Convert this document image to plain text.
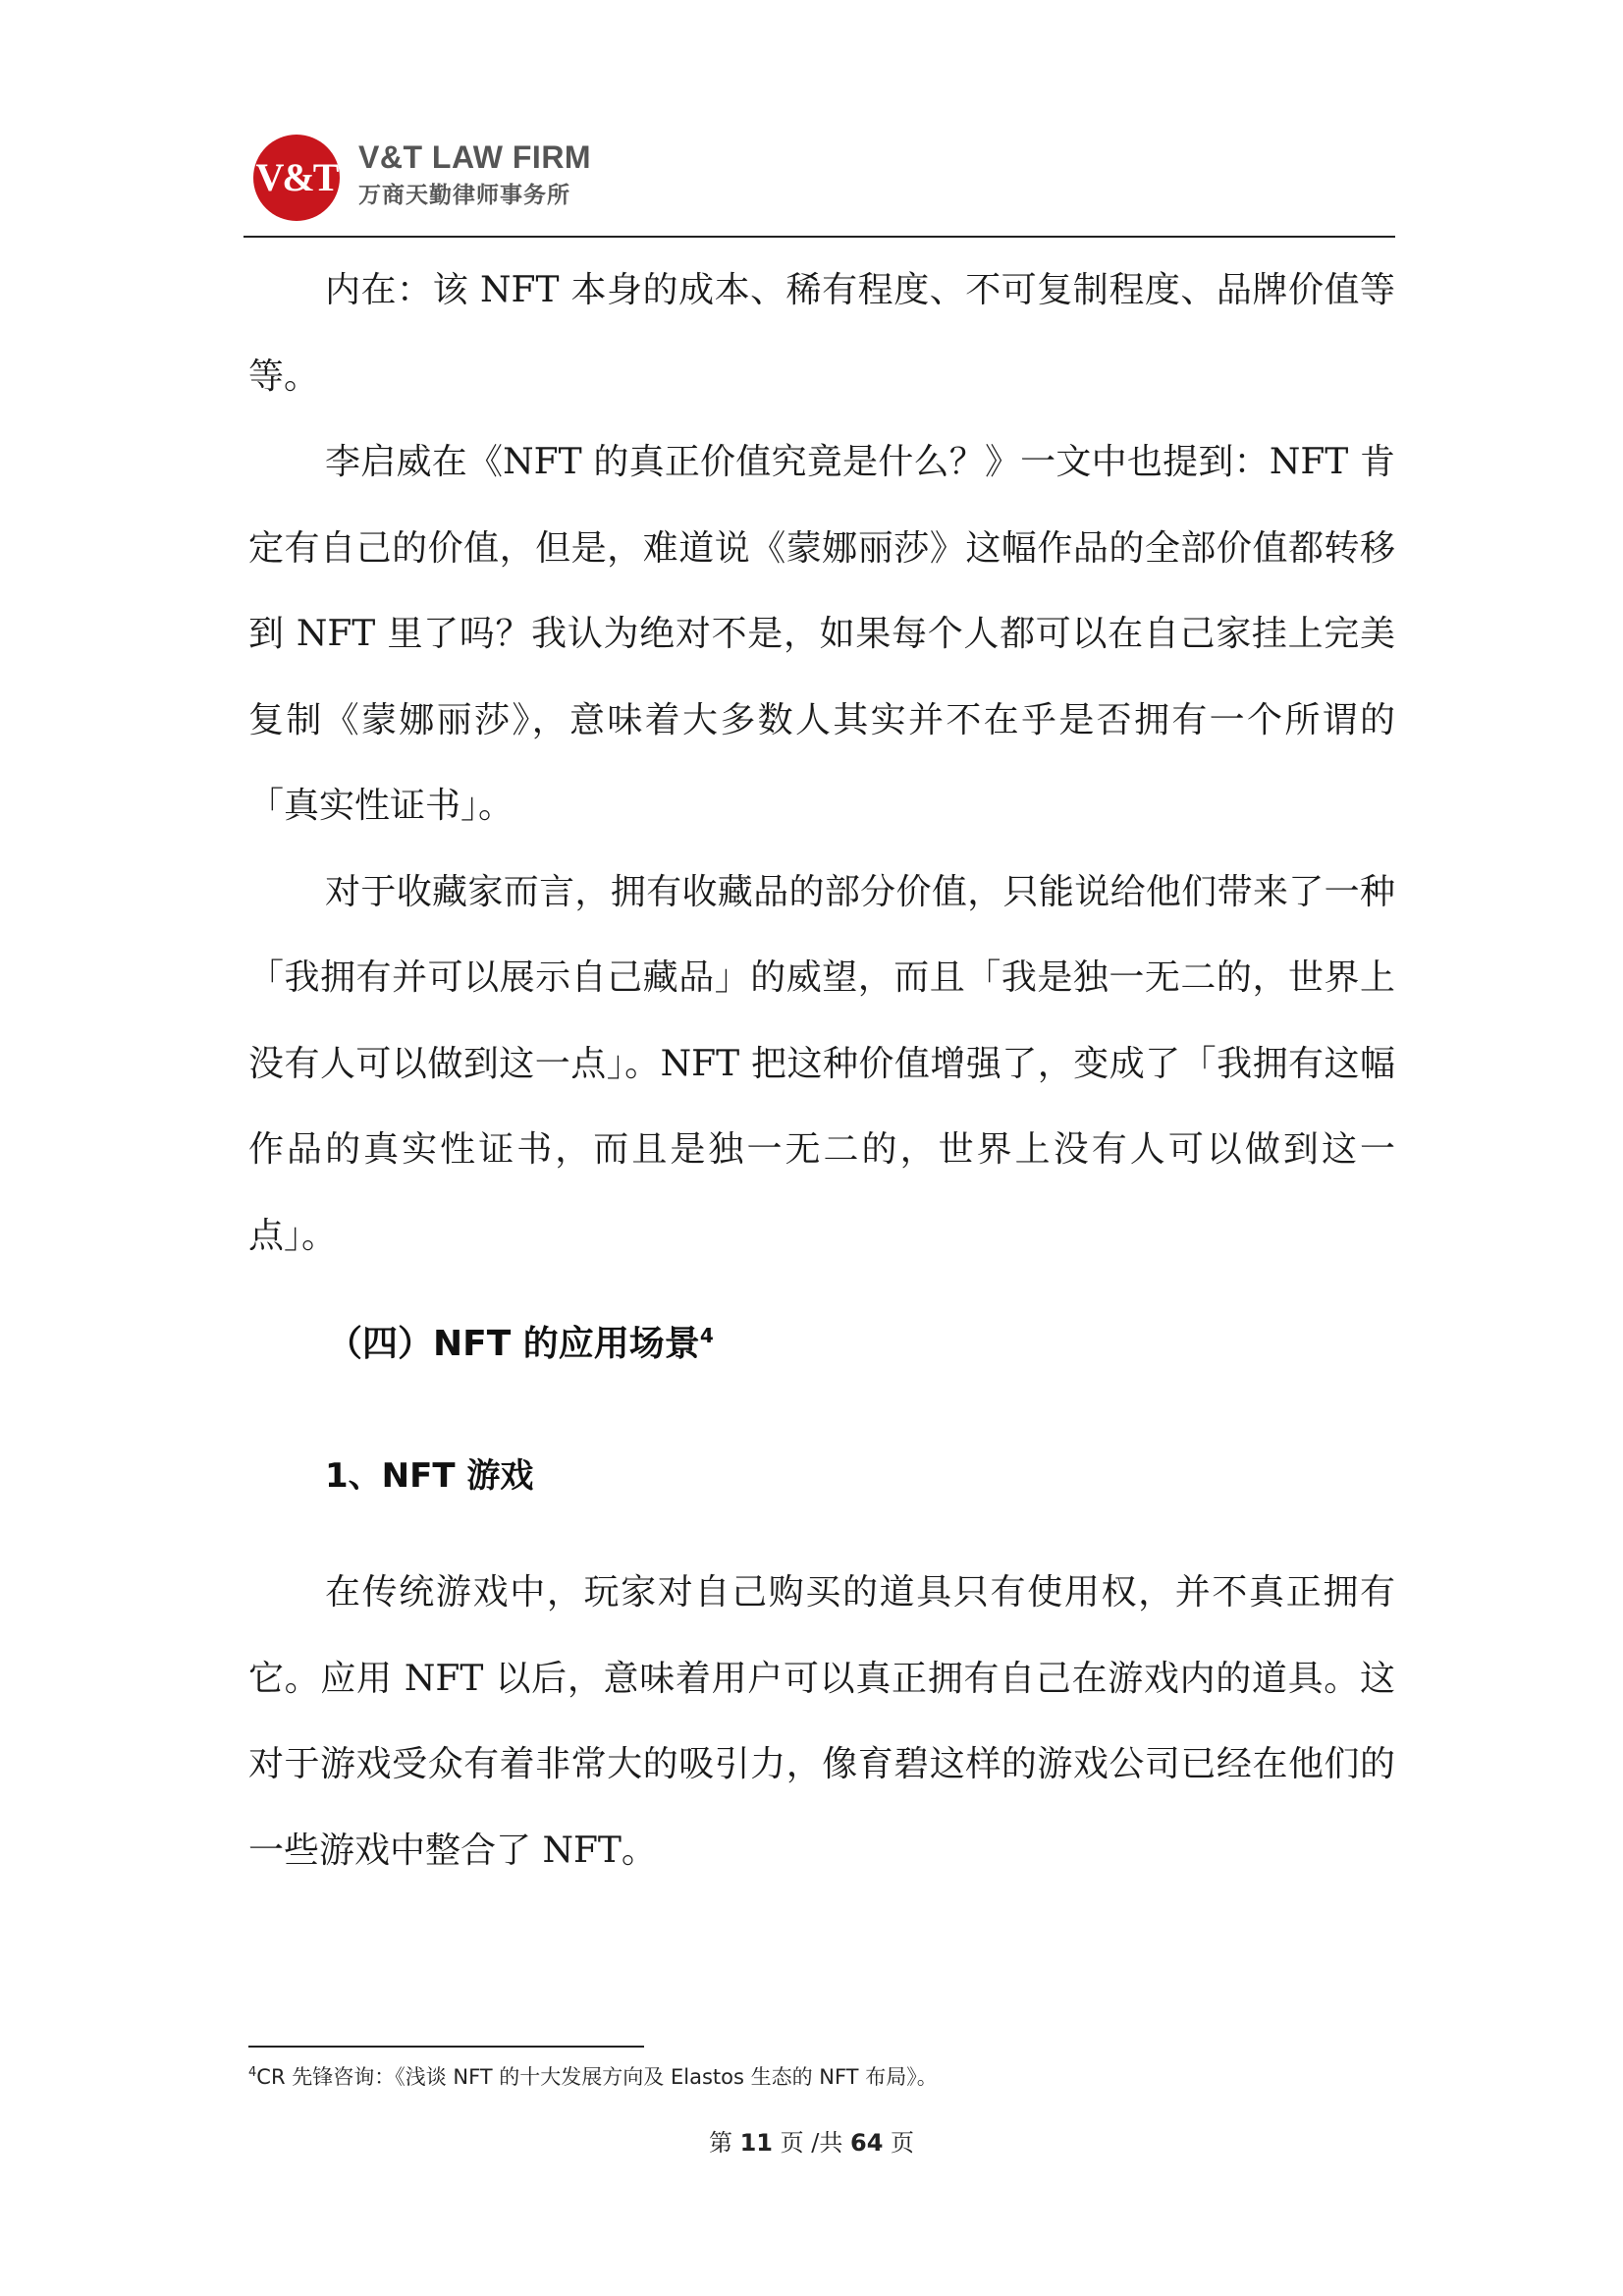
V&T V&T LAW FIRM
万商天勤律师事务所

内在：该 NFT 本身的成本、稀有程度、不可复制程度、品牌价值等等。

李启威在《NFT 的真正价值究竟是什么？》一文中也提到：NFT 肯定有自己的价值，但是，难道说《蒙娜丽莎》这幅作品的全部价值都转移到 NFT 里了吗？我认为绝对不是，如果每个人都可以在自己家挂上完美复制《蒙娜丽莎》，意味着大多数人其实并不在乎是否拥有一个所谓的「真实性证书」。

对于收藏家而言，拥有收藏品的部分价值，只能说给他们带来了一种「我拥有并可以展示自己藏品」的威望，而且「我是独一无二的，世界上没有人可以做到这一点」。NFT 把这种价值增强了，变成了「我拥有这幅作品的真实性证书，而且是独一无二的，世界上没有人可以做到这一点」。

（四）NFT 的应用场景$^4$
1、NFT 游戏

在传统游戏中，玩家对自己购买的道具只有使用权，并不真正拥有它。应用 NFT 以后，意味着用户可以真正拥有自己在游戏内的道具。这对于游戏受众有着非常大的吸引力，像育碧这样的游戏公司已经在他们的一些游戏中整合了 NFT。

$^4$CR 先锋咨询：《浅谈 NFT 的十大发展方向及 Elastos 生态的 NFT 布局》。
第 11 页 /共 64 页
